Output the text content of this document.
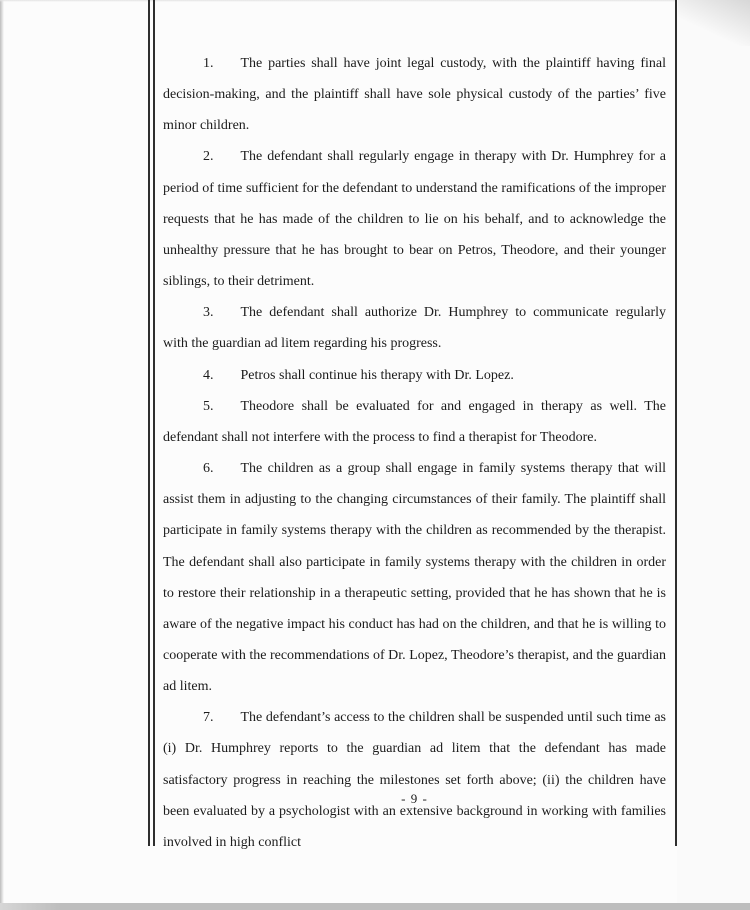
1. The parties shall have joint legal custody, with the plaintiff having final decision-making, and the plaintiff shall have sole physical custody of the parties’ five minor children.

2. The defendant shall regularly engage in therapy with Dr. Humphrey for a period of time sufficient for the defendant to understand the ramifications of the improper requests that he has made of the children to lie on his behalf, and to acknowledge the unhealthy pressure that he has brought to bear on Petros, Theodore, and their younger siblings, to their detriment.

3. The defendant shall authorize Dr. Humphrey to communicate regularly with the guardian ad litem regarding his progress.

4. Petros shall continue his therapy with Dr. Lopez.

5. Theodore shall be evaluated for and engaged in therapy as well. The defendant shall not interfere with the process to find a therapist for Theodore.

6. The children as a group shall engage in family systems therapy that will assist them in adjusting to the changing circumstances of their family. The plaintiff shall participate in family systems therapy with the children as recommended by the therapist. The defendant shall also participate in family systems therapy with the children in order to restore their relationship in a therapeutic setting, provided that he has shown that he is aware of the negative impact his conduct has had on the children, and that he is willing to cooperate with the recommendations of Dr. Lopez, Theodore’s therapist, and the guardian ad litem.

7. The defendant’s access to the children shall be suspended until such time as (i) Dr. Humphrey reports to the guardian ad litem that the defendant has made satisfactory progress in reaching the milestones set forth above; (ii) the children have been evaluated by a psychologist with an extensive background in working with families involved in high conflict

- 9 -
